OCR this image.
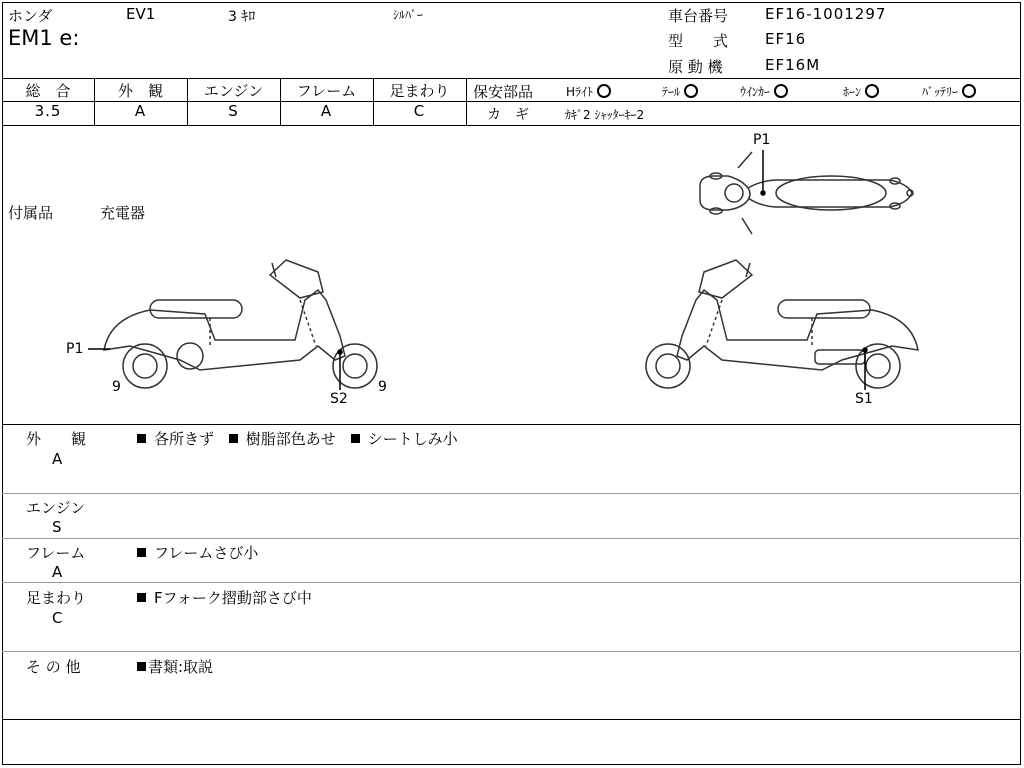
ホンダ	EV1	3 ｷﾛ	ｼﾙﾊﾞｰ
EM1 e:
車台番号 EF16-1001297
型　　式 EF16
原 動 機	EF16M
総　合	外　観	エンジン	フレーム	足まわり
3.5	A	S	A	C
保安部品	Hﾗｲﾄ	ﾃｰﾙ	ｳｲﾝｶｰ	ﾎｰﾝ	ﾊﾞｯﾃﾘｰ
カ　ギ	ｶｷﾞ2 ｼｬｯﾀｰｷｰ2
付属品	充電器
P1
P1
9
S2
9
S1
外　　観
A
各所きず 樹脂部色あせ シートしみ小
エンジン
S
フレーム
A
フレームさび小
足まわり
C
Fフォーク摺動部さび中
そ の 他	書類:取説
